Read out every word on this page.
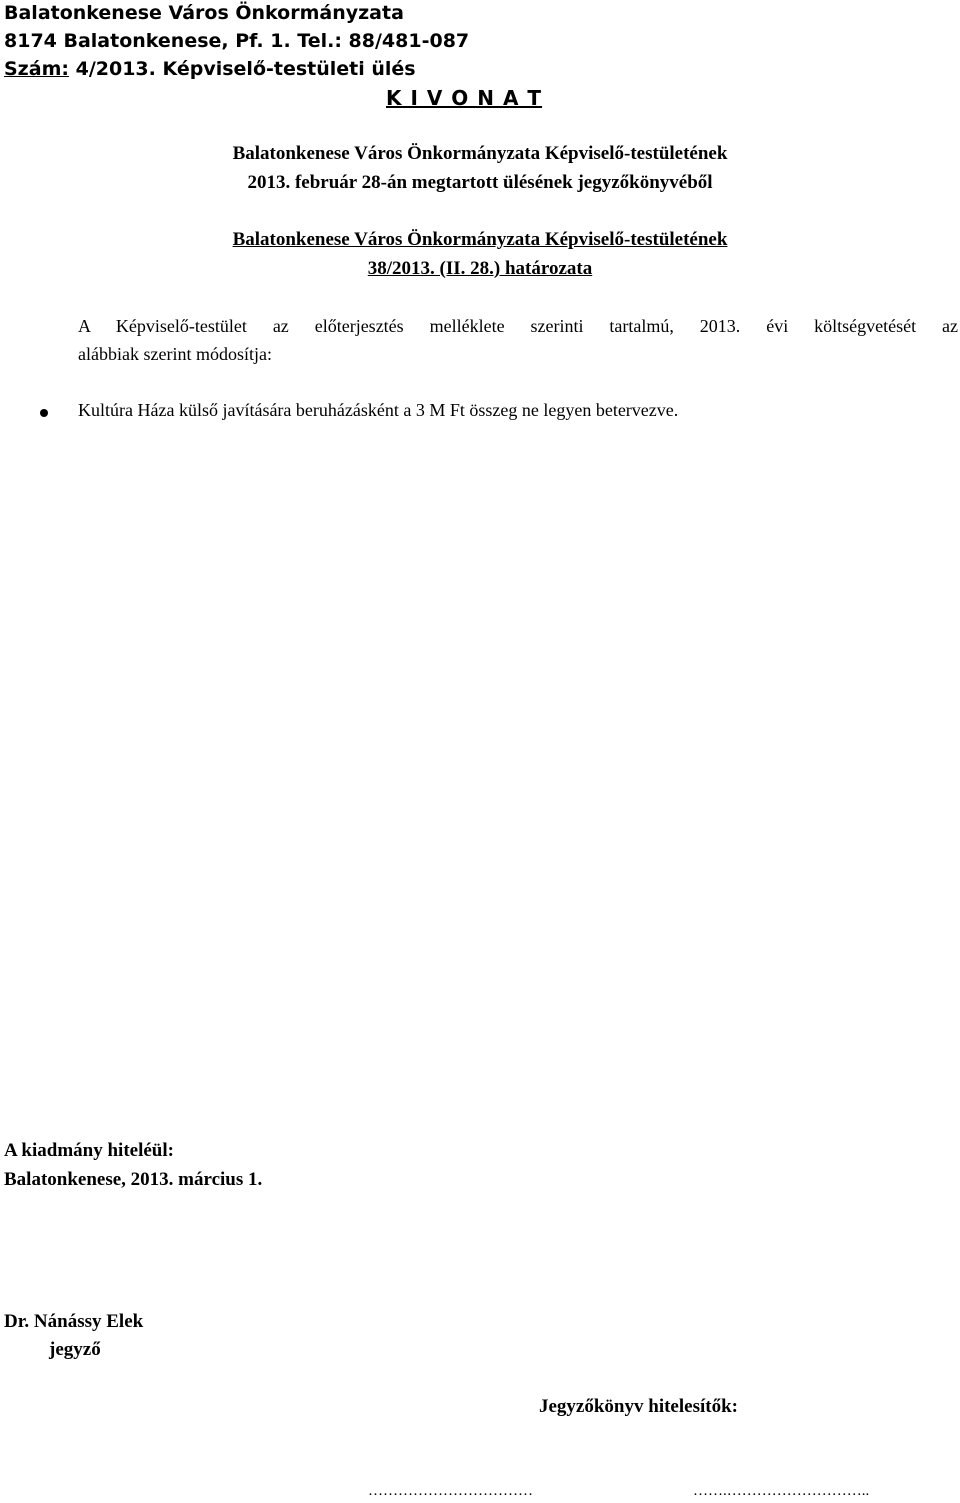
Balatonkenese Város Önkormányzata
8174 Balatonkenese, Pf. 1. Tel.: 88/481-087
Szám: 4/2013. Képviselő-testületi ülés
K I V O N A T
Balatonkenese Város Önkormányzata Képviselő-testületének
2013. február 28-án megtartott ülésének jegyzőkönyvéből
Balatonkenese Város Önkormányzata Képviselő-testületének
38/2013. (II. 28.) határozata
A Képviselő-testület az előterjesztés melléklete szerinti tartalmú, 2013. évi költségvetését az
alábbiak szerint módosítja:
Kultúra Háza külső javítására beruházásként a 3 M Ft összeg ne legyen betervezve.
A kiadmány hiteléül:
Balatonkenese, 2013. március 1.
Dr. Nánássy Elek
jegyző
Jegyzőkönyv hitelesítők:
……………………………	…….………………………..
